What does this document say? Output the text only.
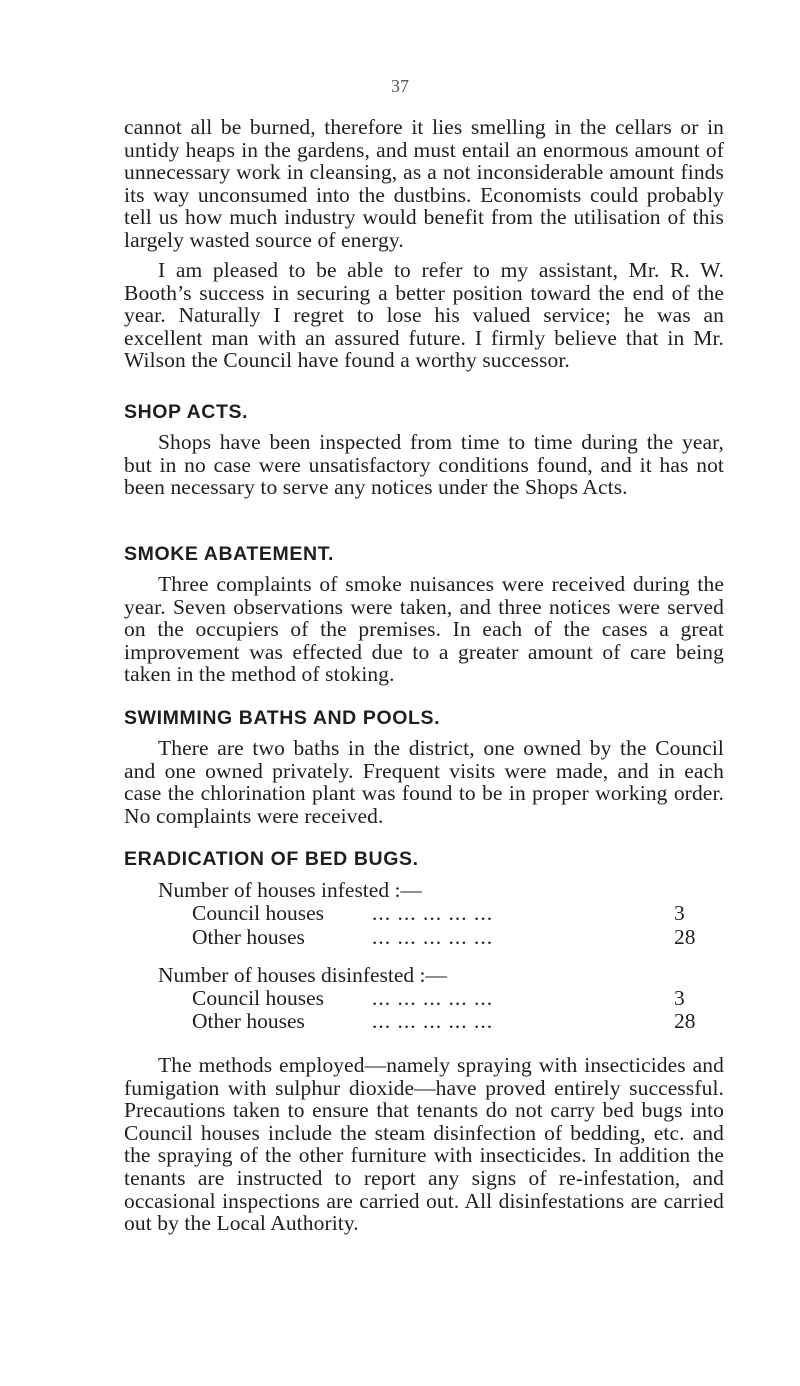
37

cannot all be burned, therefore it lies smelling in the cellars or in untidy heaps in the gardens, and must entail an enormous amount of unnecessary work in cleansing, as a not inconsiderable amount finds its way unconsumed into the dustbins. Economists could probably tell us how much industry would benefit from the utilisation of this largely wasted source of energy.

I am pleased to be able to refer to my assistant, Mr. R. W. Booth’s success in securing a better position toward the end of the year. Naturally I regret to lose his valued service; he was an excellent man with an assured future. I firmly believe that in Mr. Wilson the Council have found a worthy successor.

SHOP ACTS.

Shops have been inspected from time to time during the year, but in no case were unsatisfactory conditions found, and it has not been necessary to serve any notices under the Shops Acts.

SMOKE ABATEMENT.

Three complaints of smoke nuisances were received during the year. Seven observations were taken, and three notices were served on the occupiers of the premises. In each of the cases a great improvement was effected due to a greater amount of care being taken in the method of stoking.

SWIMMING BATHS AND POOLS.

There are two baths in the district, one owned by the Council and one owned privately. Frequent visits were made, and in each case the chlorination plant was found to be in proper working order. No complaints were received.

ERADICATION OF BED BUGS.
Number of houses infested :—
Council houses ... ... ... ... ...	3
Other houses	... ... ... ... ...	28
Number of houses disinfested :—
Council houses ... ... ... ... ...	3
Other houses	... ... ... ... ...	28

The methods employed—namely spraying with insecticides and fumigation with sulphur dioxide—have proved entirely successful. Precautions taken to ensure that tenants do not carry bed bugs into Council houses include the steam disinfection of bedding, etc. and the spraying of the other furniture with insecticides. In addition the tenants are instructed to report any signs of re-infestation, and occasional inspections are carried out. All disinfestations are carried out by the Local Authority.
